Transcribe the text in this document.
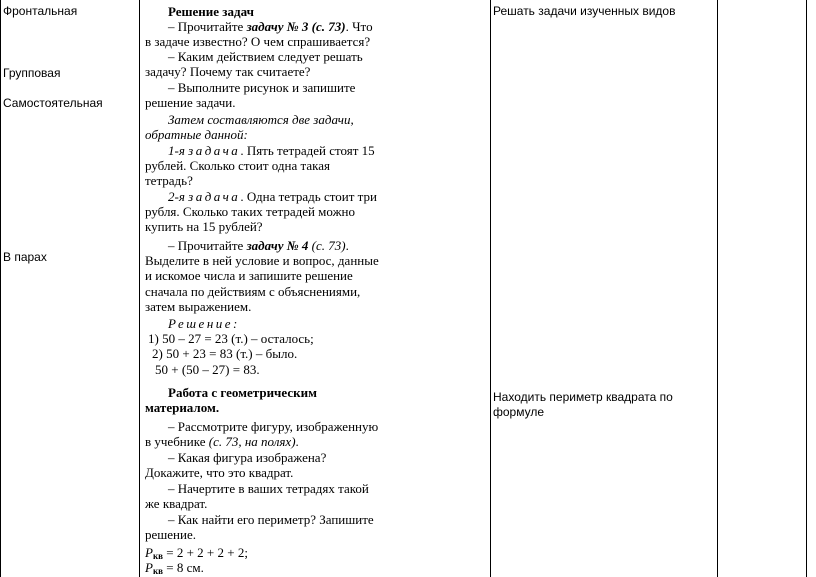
Фронтальная
Групповая
Самостоятельная
В парах
Решение задач
– Прочитайте задачу № 3 (с. 73). Что
в задаче известно? О чем спрашивается?
– Каким действием следует решать
задачу? Почему так считаете?
– Выполните рисунок и запишите
решение задачи.
Затем составляются две задачи,
обратные данной:
1-я задача. Пять тетрадей стоят 15
рублей. Сколько стоит одна такая
тетрадь?
2-я задача. Одна тетрадь стоит три
рубля. Сколько таких тетрадей можно
купить на 15 рублей?
– Прочитайте задачу № 4 (с. 73).
Выделите в ней условие и вопрос, данные
и искомое числа и запишите решение
сначала по действиям с объяснениями,
затем выражением.
Решение:
1) 50 – 27 = 23 (т.) – осталось;
2) 50 + 23 = 83 (т.) – было.
50 + (50 – 27) = 83.
Работа с геометрическим
материалом.
– Рассмотрите фигуру, изображенную
в учебнике (с. 73, на полях).
– Какая фигура изображена?
Докажите, что это квадрат.
– Начертите в ваших тетрадях такой
же квадрат.
– Как найти его периметр? Запишите
решение.
$P_{кв} = 2 + 2 + 2 + 2$;
$P_{кв} = 8$ см.
Решать задачи изученных видов
Находить периметр квадрата по
формуле
